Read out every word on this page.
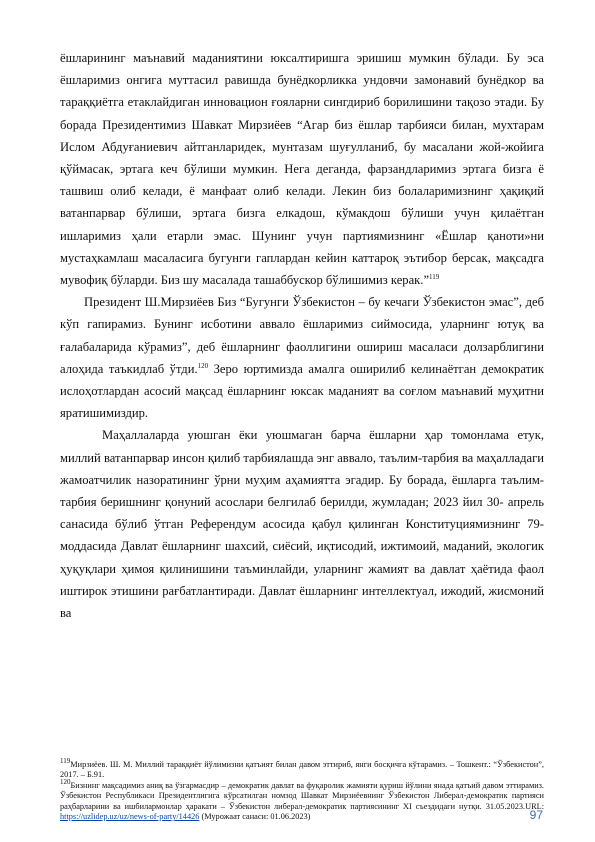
ёшларининг маънавий маданиятини юксалтиришга эришиш мумкин бўлади. Бу эса ёшларимиз онгига муттасил равишда бунёдкорликка ундовчи замонавий бунёдкор ва тараққиётга етаклайдиган инновацион ғояларни сингдириб борилишини тақозо этади. Бу борада Президентимиз Шавкат Мирзиёев “Агар биз ёшлар тарбияси билан, мухтарам Ислом Абдуғаниевич айтганларидек, мунтазам шуғулланиб, бу масалани жой-жойига қўймасак, эртага кеч бўлиши мумкин. Нега деганда, фарзандларимиз эртага бизга ё ташвиш олиб келади, ё манфаат олиб келади. Лекин биз болаларимизнинг ҳақиқий ватанпарвар бўлиши, эртага бизга елкадош, кўмакдош бўлиши учун қилаётган ишларимиз ҳали етарли эмас. Шунинг учун партиямизнинг «Ёшлар қаноти»ни мустаҳкамлаш масаласига бугунги гаплардан кейин каттароқ эътибор берсак, мақсадга мувофиқ бўларди. Биз шу масалада ташаббускор бўлишимиз керак.”$^{119}$

Президент Ш.Мирзиёев Биз “Бугунги Ўзбекистон – бу кечаги Ўзбекистон эмас”, деб кўп гапирамиз. Бунинг исботини аввало ёшларимиз сиймосида, уларнинг ютуқ ва ғалабаларида кўрамиз”, деб ёшларнинг фаоллигини ошириш масаласи долзарблигини алоҳида таъкидлаб ўтди.$^{120}$ Зеро юртимизда амалга оширилиб келинаётган демократик ислоҳотлардан асосий мақсад ёшларнинг юксак маданият ва соғлом маънавий муҳитни яратишимиздир.

Маҳаллаларда уюшган ёки уюшмаган барча ёшларни ҳар томонлама етук, миллий ватанпарвар инсон қилиб тарбиялашда энг аввало, таълим-тарбия ва маҳалладаги жамоатчилик назоратининг ўрни муҳим аҳамиятта эгадир. Бу борада, ёшларга таълим-тарбия беришнинг қонуний асослари белгилаб берилди, жумладан; 2023 йил 30- апрель санасида бўлиб ўтган Референдум асосида қабул қилинган Конституциямизнинг 79-моддасида Давлат ёшларнинг шахсий, сиёсий, иқтисодий, ижтимоий, маданий, экологик ҳуқуқлари ҳимоя қилинишини таъминлайди, уларнинг жамият ва давлат ҳаётида фаол иштирок этишини рағбатлантиради. Давлат ёшларнинг интеллектуал, ижодий, жисмоний ва

$^{119}$Мирзиёев. Ш. М. Миллий тараққиёт йўлимизни қатъият билан давом эттириб, янги босқичга кўтарамиз. – Тошкент.: “Ўзбекистон”, 2017. – Б.91.

$^{120}$Бизнинг мақсадимиз аниқ ва ўзгармасдир – демократик давлат ва фуқаролик жамияти қуриш йўлини янада қатъий давом эттирамиз. Ўзбекистон Республикаси Президентлигига кўрсатилган номзод Шавкат Мирзиёевнинг Ўзбекистон Либерал-демократик партияси раҳбарларини ва ишбилармонлар ҳаракати – Ўзбекистон либерал-демократик партиясининг XI съездидаги нутқи. 31.05.2023.URL: https://uzlidep.uz/uz/news-of-party/14426 (Мурожаат санаси: 01.06.2023)	97
